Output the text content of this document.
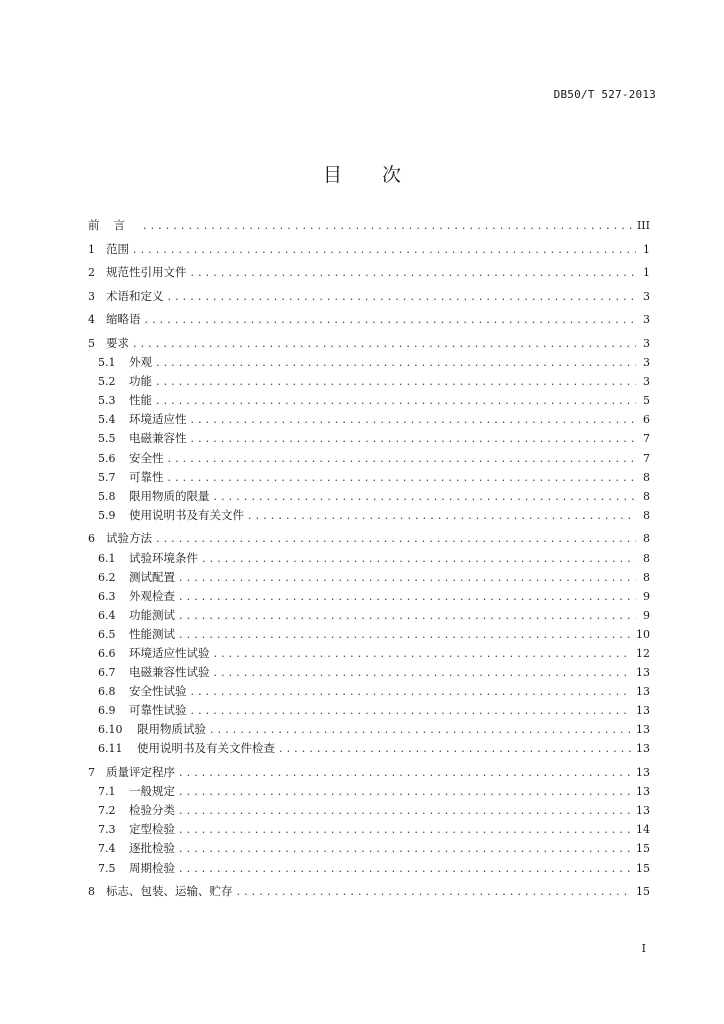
DB50/T 527-2013
目次
前言 . . .	III
1 范围 . . .	1
2 规范性引用文件 . . .	1
3 术语和定义 . . .	3
4 缩略语 . . .	3
5 要求 . . .	3
5.1	外观 . . .	3
5.2	功能 . . .	3
5.3	性能 . . .	5
5.4	环境适应性 . . .	6
5.5	电磁兼容性 . . .	7
5.6	安全性 . . .	7
5.7	可靠性 . . .	8
5.8	限用物质的限量 . . .	8
5.9	使用说明书及有关文件 . . .	8
6 试验方法 . . .	8
6.1	试验环境条件 . . .	8
6.2	测试配置 . . .	8
6.3	外观检查 . . .	9
6.4	功能测试 . . .	9
6.5	性能测试 . . .	10
6.6	环境适应性试验 . . .	12
6.7	电磁兼容性试验 . . .	13
6.8	安全性试验 . . .	13
6.9	可靠性试验 . . .	13
6.10	限用物质试验 . . .	13
6.11	使用说明书及有关文件检查 . . .	13
7 质量评定程序 . . .	13
7.1	一般规定 . . .	13
7.2	检验分类 . . .	13
7.3	定型检验 . . .	14
7.4	逐批检验 . . .	15
7.5	周期检验 . . .	15
8 标志、包装、运输、贮存 . . .	15
I
